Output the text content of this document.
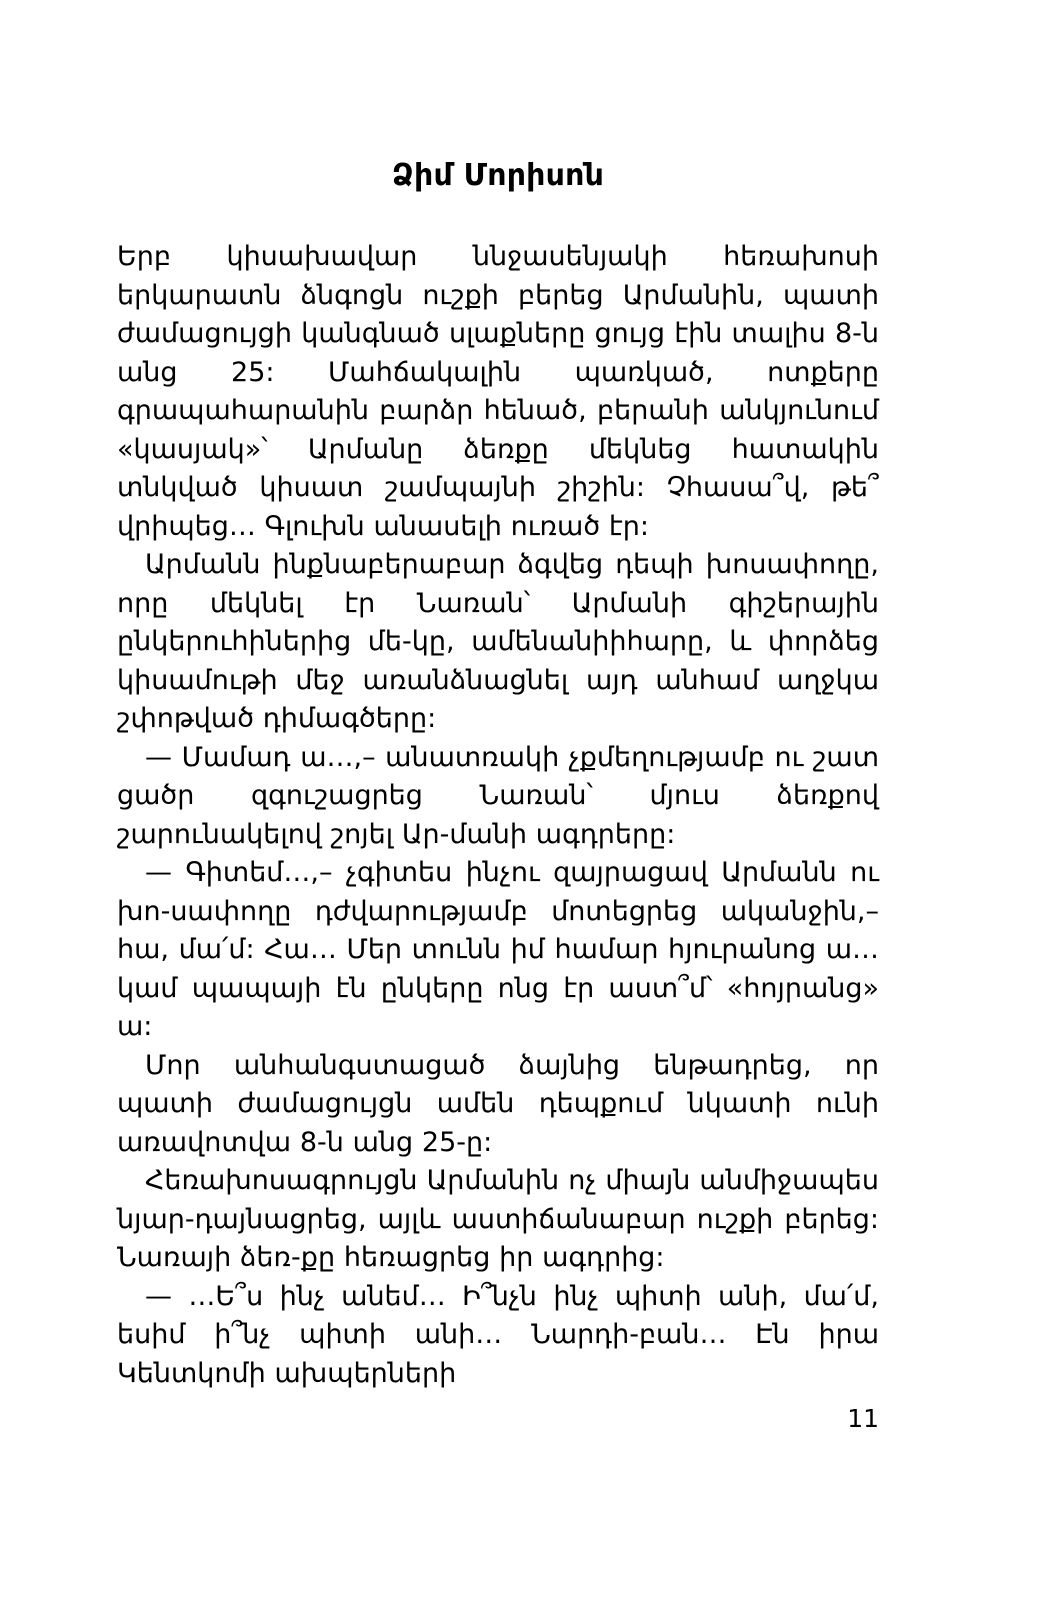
Ձիմ Մորիսոն

Երբ կիսախավար ննջասենյակի հեռախոսի երկարատն ձնգոցն ուշքի բերեց Արմանին, պատի ժամացույցի կանգնած սլաքները ցույց էին տալիս 8-ն անց 25: Մահճակալին պառկած, ոտքերը գրապահարանին բարձր հենած, բերանի անկյունում «կասյակ»՝ Արմանը ձեռքը մեկնեց հատակին տնկված կիսատ շամպայնի շիշին: Չհասա՞վ, թե՞ վրիպեց… Գլուխն անասելի ուռած էր:

Արմանն ինքնաբերաբար ձգվեց դեպի խոսափողը, որը մեկնել էր Նառան՝ Արմանի գիշերային ընկերուհիներից մե-կը, ամենանիիհարը, և փորձեց կիսամութի մեջ առանձնացնել այդ անհամ աղջկա շփոթված դիմագծերը:

— Մամադ ա…,– անատռակի չքմեղությամբ ու շատ ցածր զգուշացրեց Նառան՝ մյուս ձեռքով շարունակելով շոյել Ար-մանի ագդրերը:

— Գիտեմ…,– չգիտես ինչու զայրացավ Արմանն ու խո-սափողը դժվարությամբ մոտեցրեց ականջին,– հա, մա՛մ: Հա… Մեր տունն իմ համար հյուրանոց ա… կամ պապայի էն ընկերը ոնց էր աստ՞մ՝ «հոյրանց» ա:

Մոր անհանգստացած ձայնից ենթադրեց, որ պատի ժամացույցն ամեն դեպքում նկատի ունի առավոտվա 8-ն անց 25-ը:

Հեռախոսագրույցն Արմանին ոչ միայն անմիջապես նյար-դայնացրեց, այլև աստիճանաբար ուշքի բերեց: Նառայի ձեռ-քը հեռացրեց իր ագդրից:

— …Ե՞ս ինչ անեմ… Ի՞նչն ինչ պիտի անի, մա՛մ, եսիմ ի՞նչ պիտի անի… Նարդի-բան… Էն իրա Կենտկոմի ախպերների

11
